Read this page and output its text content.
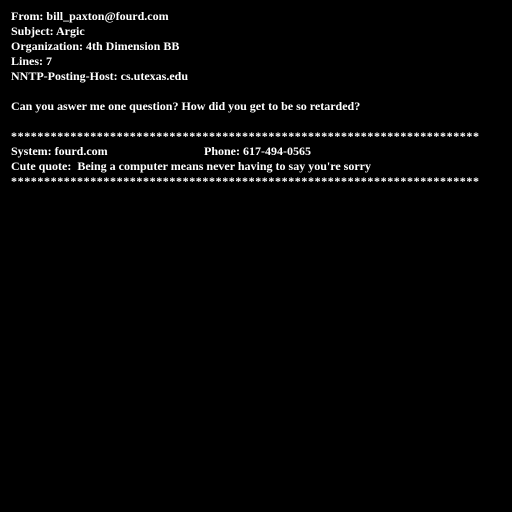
From: bill_paxton@fourd.com
Subject: Argic
Organization: 4th Dimension BB
Lines: 7
NNTP-Posting-Host: cs.utexas.edu
Can you aswer me one question? How did you get to be so retarded?
***********************************************************************
System: fourd.com	Phone: 617-494-0565
Cute quote:  Being a computer means never having to say you're sorry
***********************************************************************
